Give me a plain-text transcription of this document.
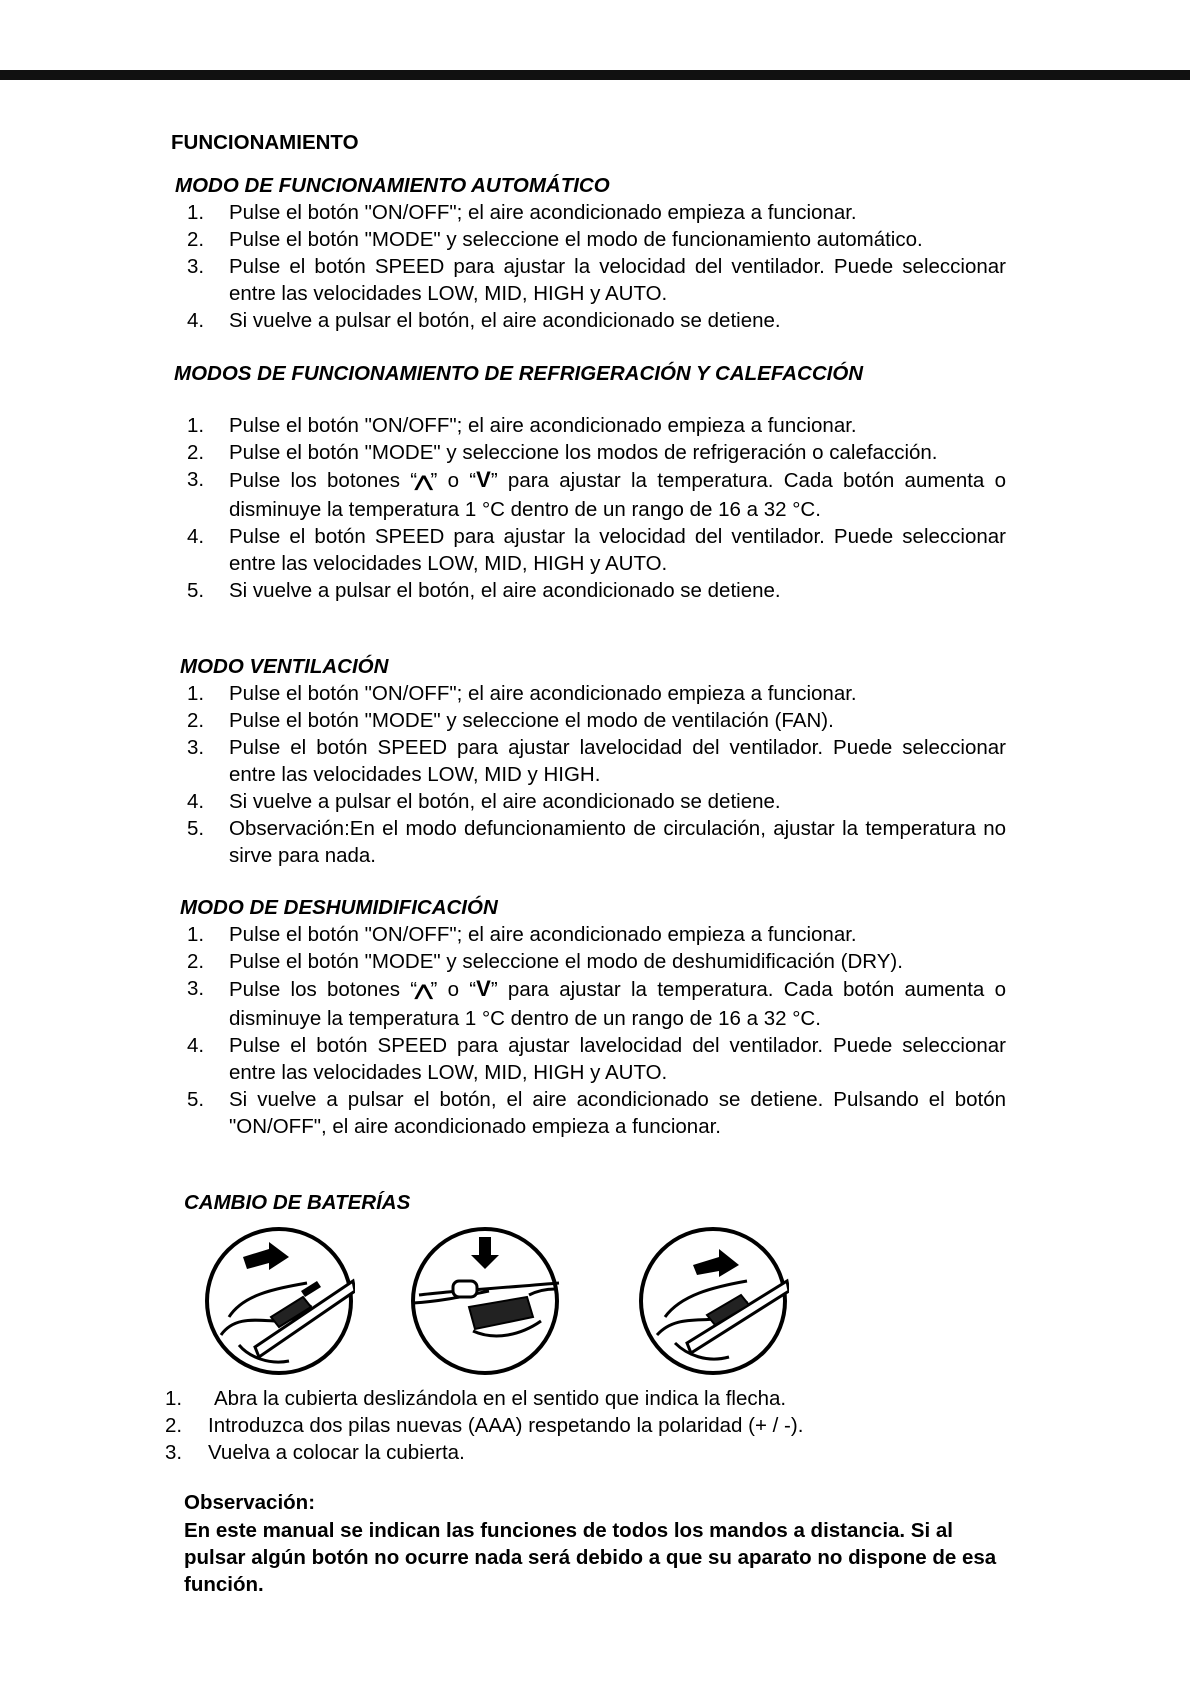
FUNCIONAMIENTO
MODO DE FUNCIONAMIENTO AUTOMÁTICO
1. Pulse el botón "ON/OFF"; el aire acondicionado empieza a funcionar.
2. Pulse el botón "MODE" y seleccione el modo de funcionamiento automático.
3. Pulse el botón SPEED para ajustar la velocidad del ventilador. Puede seleccionar entre las velocidades LOW, MID, HIGH y AUTO.
4. Si vuelve a pulsar el botón, el aire acondicionado se detiene.
MODOS DE FUNCIONAMIENTO DE REFRIGERACIÓN Y CALEFACCIÓN
1. Pulse el botón "ON/OFF"; el aire acondicionado empieza a funcionar.
2. Pulse el botón "MODE" y seleccione los modos de refrigeración o calefacción.
3. Pulse los botones “⋀” o “V” para ajustar la temperatura. Cada botón aumenta o disminuye la temperatura 1 °C dentro de un rango de 16 a 32 °C.
4. Pulse el botón SPEED para ajustar la velocidad del ventilador. Puede seleccionar entre las velocidades LOW, MID, HIGH y AUTO.
5. Si vuelve a pulsar el botón, el aire acondicionado se detiene.
MODO VENTILACIÓN
1. Pulse el botón "ON/OFF"; el aire acondicionado empieza a funcionar.
2. Pulse el botón "MODE" y seleccione el modo de ventilación (FAN).
3. Pulse el botón SPEED para ajustar lavelocidad del ventilador. Puede seleccionar entre las velocidades LOW, MID y HIGH.
4. Si vuelve a pulsar el botón, el aire acondicionado se detiene.
5. Observación:En el modo defuncionamiento de circulación, ajustar la temperatura no sirve para nada.
MODO DE DESHUMIDIFICACIÓN
1. Pulse el botón "ON/OFF"; el aire acondicionado empieza a funcionar.
2. Pulse el botón "MODE" y seleccione el modo de deshumidificación (DRY).
3. Pulse los botones “⋀” o “V” para ajustar la temperatura. Cada botón aumenta o disminuye la temperatura 1 °C dentro de un rango de 16 a 32 °C.
4. Pulse el botón SPEED para ajustar lavelocidad del ventilador. Puede seleccionar entre las velocidades LOW, MID, HIGH y AUTO.
5. Si vuelve a pulsar el botón, el aire acondicionado se detiene. Pulsando el botón "ON/OFF", el aire acondicionado empieza a funcionar.
CAMBIO DE BATERÍAS
1. Abra la cubierta deslizándola en el sentido que indica la flecha.
2. Introduzca dos pilas nuevas (AAA) respetando la polaridad (+ / -).
3. Vuelva a colocar la cubierta.
Observación:

En este manual se indican las funciones de todos los mandos a distancia. Si al pulsar algún botón no ocurre nada será debido a que su aparato no dispone de esa función.
